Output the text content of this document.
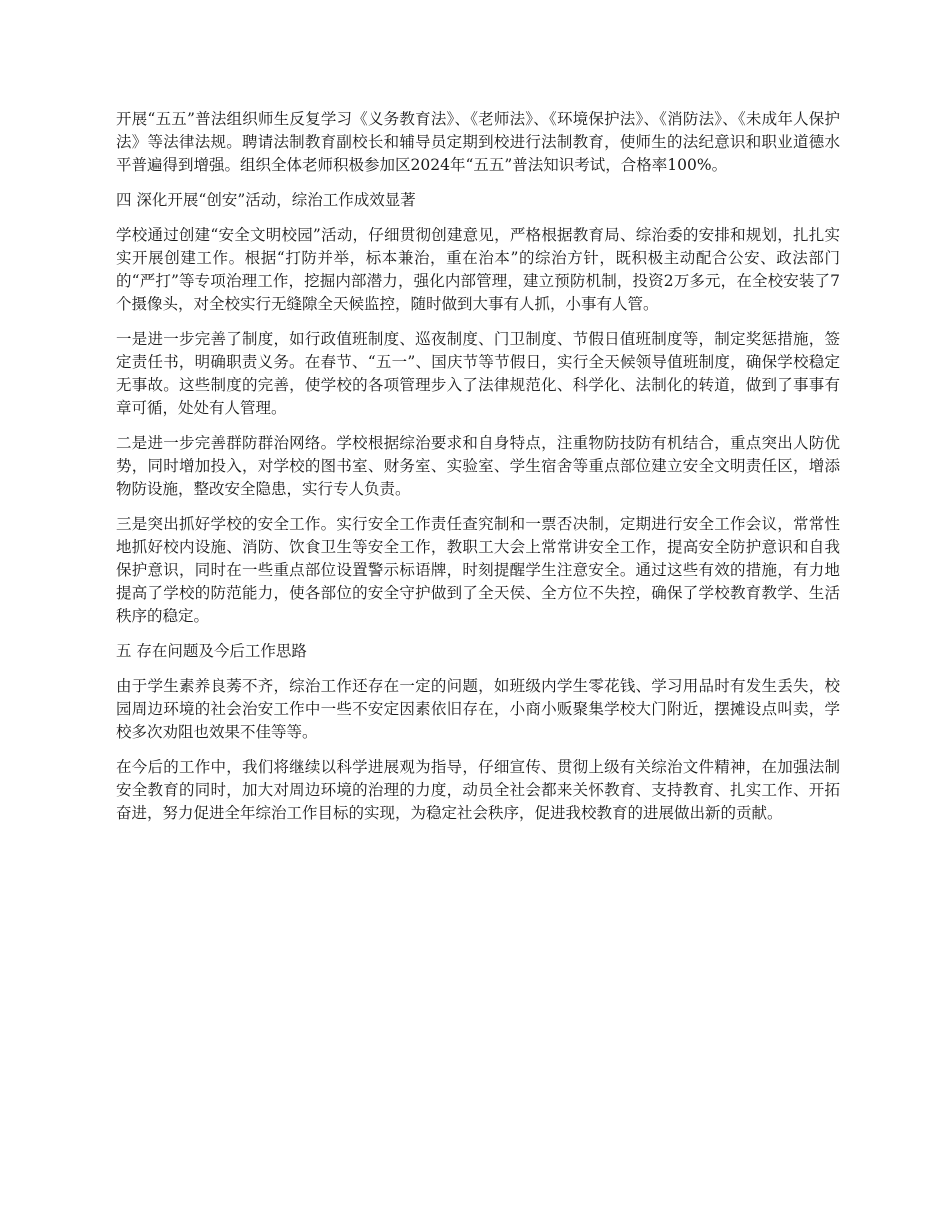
开展“五五”普法组织师生反复学习《义务教育法》、《老师法》、《环境保护法》、《消防法》、《未成年人保护法》等法律法规。聘请法制教育副校长和辅导员定期到校进行法制教育，使师生的法纪意识和职业道德水平普遍得到增强。组织全体老师积极参加区2024年“五五”普法知识考试，合格率100%。

四 深化开展“创安”活动，综治工作成效显著

学校通过创建“安全文明校园”活动，仔细贯彻创建意见，严格根据教育局、综治委的安排和规划，扎扎实实开展创建工作。根据“打防并举，标本兼治，重在治本”的综治方针，既积极主动配合公安、政法部门的“严打”等专项治理工作，挖掘内部潜力，强化内部管理，建立预防机制，投资2万多元，在全校安装了7个摄像头，对全校实行无缝隙全天候监控，随时做到大事有人抓，小事有人管。

一是进一步完善了制度，如行政值班制度、巡夜制度、门卫制度、节假日值班制度等，制定奖惩措施，签定责任书，明确职责义务。在春节、“五一”、国庆节等节假日，实行全天候领导值班制度，确保学校稳定无事故。这些制度的完善，使学校的各项管理步入了法律规范化、科学化、法制化的转道，做到了事事有章可循，处处有人管理。

二是进一步完善群防群治网络。学校根据综治要求和自身特点，注重物防技防有机结合，重点突出人防优势，同时增加投入，对学校的图书室、财务室、实验室、学生宿舍等重点部位建立安全文明责任区，增添物防设施，整改安全隐患，实行专人负责。

三是突出抓好学校的安全工作。实行安全工作责任查究制和一票否决制，定期进行安全工作会议，常常性地抓好校内设施、消防、饮食卫生等安全工作，教职工大会上常常讲安全工作，提高安全防护意识和自我保护意识，同时在一些重点部位设置警示标语牌，时刻提醒学生注意安全。通过这些有效的措施，有力地提高了学校的防范能力，使各部位的安全守护做到了全天侯、全方位不失控，确保了学校教育教学、生活秩序的稳定。

五 存在问题及今后工作思路

由于学生素养良莠不齐，综治工作还存在一定的问题，如班级内学生零花钱、学习用品时有发生丢失，校园周边环境的社会治安工作中一些不安定因素依旧存在，小商小贩聚集学校大门附近，摆摊设点叫卖，学校多次劝阻也效果不佳等等。

在今后的工作中，我们将继续以科学进展观为指导，仔细宣传、贯彻上级有关综治文件精神，在加强法制安全教育的同时，加大对周边环境的治理的力度，动员全社会都来关怀教育、支持教育、扎实工作、开拓奋进，努力促进全年综治工作目标的实现，为稳定社会秩序，促进我校教育的进展做出新的贡献。
